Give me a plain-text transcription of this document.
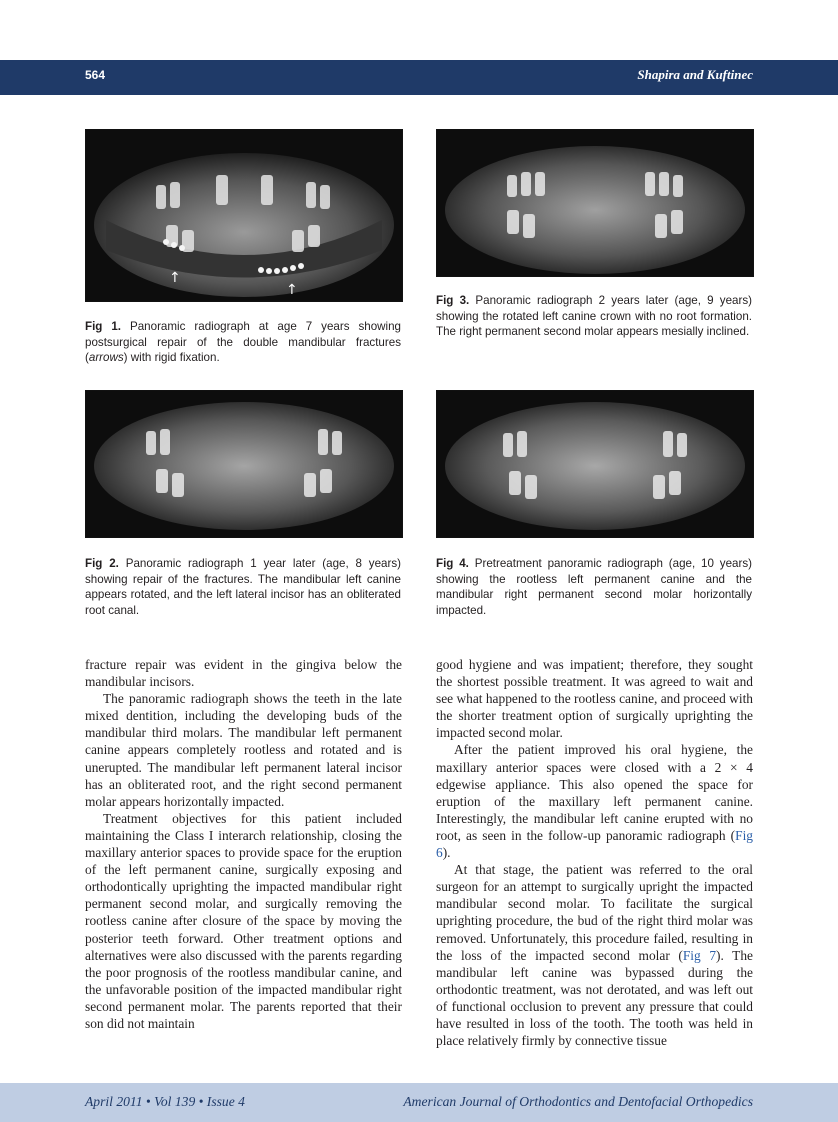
564	Shapira and Kuftinec
↑
↑
Fig 1. Panoramic radiograph at age 7 years showing postsurgical repair of the double mandibular fractures (arrows) with rigid fixation.
Fig 3. Panoramic radiograph 2 years later (age, 9 years) showing the rotated left canine crown with no root formation. The right permanent second molar appears mesially inclined.
Fig 2. Panoramic radiograph 1 year later (age, 8 years) showing repair of the fractures. The mandibular left canine appears rotated, and the left lateral incisor has an obliterated root canal.
Fig 4. Pretreatment panoramic radiograph (age, 10 years) showing the rootless left permanent canine and the mandibular right permanent second molar horizontally impacted.

fracture repair was evident in the gingiva below the mandibular incisors.

The panoramic radiograph shows the teeth in the late mixed dentition, including the developing buds of the mandibular third molars. The mandibular left permanent canine appears completely rootless and rotated and is unerupted. The mandibular left permanent lateral incisor has an obliterated root, and the right second permanent molar appears horizontally impacted.

Treatment objectives for this patient included maintaining the Class I interarch relationship, closing the maxillary anterior spaces to provide space for the eruption of the left permanent canine, surgically exposing and orthodontically uprighting the impacted mandibular right permanent second molar, and surgically removing the rootless canine after closure of the space by moving the posterior teeth forward. Other treatment options and alternatives were also discussed with the parents regarding the poor prognosis of the rootless mandibular canine, and the unfavorable position of the impacted mandibular right second permanent molar. The parents reported that their son did not maintain

good hygiene and was impatient; therefore, they sought the shortest possible treatment. It was agreed to wait and see what happened to the rootless canine, and proceed with the shorter treatment option of surgically uprighting the impacted second molar.

After the patient improved his oral hygiene, the maxillary anterior spaces were closed with a 2 × 4 edgewise appliance. This also opened the space for eruption of the maxillary left permanent canine. Interestingly, the mandibular left canine erupted with no root, as seen in the follow-up panoramic radiograph (Fig 6).

At that stage, the patient was referred to the oral surgeon for an attempt to surgically upright the impacted mandibular second molar. To facilitate the surgical uprighting procedure, the bud of the right third molar was removed. Unfortunately, this procedure failed, resulting in the loss of the impacted second molar (Fig 7). The mandibular left canine was bypassed during the orthodontic treatment, was not derotated, and was left out of functional occlusion to prevent any pressure that could have resulted in loss of the tooth. The tooth was held in place relatively firmly by connective tissue

April 2011 • Vol 139 • Issue 4	American Journal of Orthodontics and Dentofacial Orthopedics
